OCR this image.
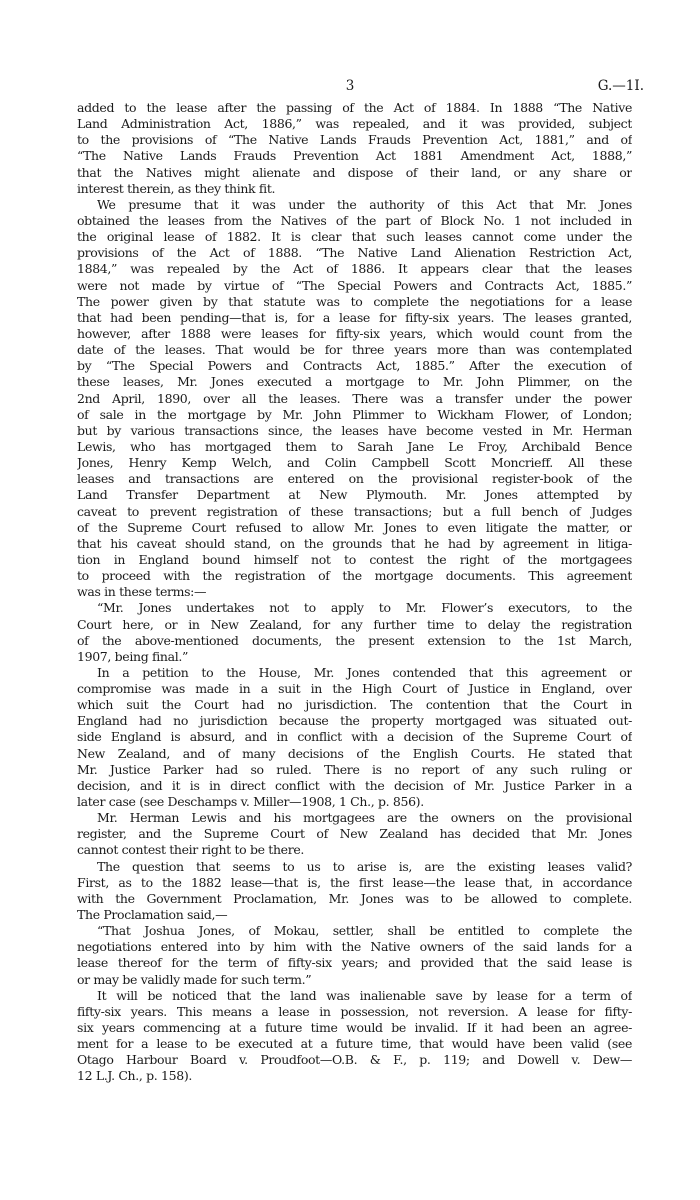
3	G.—1I.
added to the lease after the passing of the Act of 1884. In 1888 “The Native
Land Administration Act, 1886,” was repealed, and it was provided, subject
to the provisions of “The Native Lands Frauds Prevention Act, 1881,” and of
“The Native Lands Frauds Prevention Act 1881 Amendment Act, 1888,”
that the Natives might alienate and dispose of their land, or any share or
interest therein, as they think fit.
We presume that it was under the authority of this Act that Mr. Jones
obtained the leases from the Natives of the part of Block No. 1 not included in
the original lease of 1882. It is clear that such leases cannot come under the
provisions of the Act of 1888. “The Native Land Alienation Restriction Act,
1884,” was repealed by the Act of 1886. It appears clear that the leases
were not made by virtue of “The Special Powers and Contracts Act, 1885.”
The power given by that statute was to complete the negotiations for a lease
that had been pending—that is, for a lease for fifty-six years. The leases granted,
however, after 1888 were leases for fifty-six years, which would count from the
date of the leases. That would be for three years more than was contemplated
by “The Special Powers and Contracts Act, 1885.” After the execution of
these leases, Mr. Jones executed a mortgage to Mr. John Plimmer, on the
2nd April, 1890, over all the leases. There was a transfer under the power
of sale in the mortgage by Mr. John Plimmer to Wickham Flower, of London;
but by various transactions since, the leases have become vested in Mr. Herman
Lewis, who has mortgaged them to Sarah Jane Le Froy, Archibald Bence
Jones, Henry Kemp Welch, and Colin Campbell Scott Moncrieff. All these
leases and transactions are entered on the provisional register-book of the
Land Transfer Department at New Plymouth. Mr. Jones attempted by
caveat to prevent registration of these transactions; but a full bench of Judges
of the Supreme Court refused to allow Mr. Jones to even litigate the matter, or
that his caveat should stand, on the grounds that he had by agreement in litiga-
tion in England bound himself not to contest the right of the mortgagees
to proceed with the registration of the mortgage documents. This agreement
was in these terms:—
“Mr. Jones undertakes not to apply to Mr. Flower’s executors, to the
Court here, or in New Zealand, for any further time to delay the registration
of the above-mentioned documents, the present extension to the 1st March,
1907, being final.”
In a petition to the House, Mr. Jones contended that this agreement or
compromise was made in a suit in the High Court of Justice in England, over
which suit the Court had no jurisdiction. The contention that the Court in
England had no jurisdiction because the property mortgaged was situated out-
side England is absurd, and in conflict with a decision of the Supreme Court of
New Zealand, and of many decisions of the English Courts. He stated that
Mr. Justice Parker had so ruled. There is no report of any such ruling or
decision, and it is in direct conflict with the decision of Mr. Justice Parker in a
later case (see Deschamps v. Miller—1908, 1 Ch., p. 856).
Mr. Herman Lewis and his mortgagees are the owners on the provisional
register, and the Supreme Court of New Zealand has decided that Mr. Jones
cannot contest their right to be there.
The question that seems to us to arise is, are the existing leases valid?
First, as to the 1882 lease—that is, the first lease—the lease that, in accordance
with the Government Proclamation, Mr. Jones was to be allowed to complete.
The Proclamation said,—
“That Joshua Jones, of Mokau, settler, shall be entitled to complete the
negotiations entered into by him with the Native owners of the said lands for a
lease thereof for the term of fifty-six years; and provided that the said lease is
or may be validly made for such term.”
It will be noticed that the land was inalienable save by lease for a term of
fifty-six years. This means a lease in possession, not reversion. A lease for fifty-
six years commencing at a future time would be invalid. If it had been an agree-
ment for a lease to be executed at a future time, that would have been valid (see
Otago Harbour Board v. Proudfoot—O.B. & F., p. 119; and Dowell v. Dew—
12 L.J. Ch., p. 158).
